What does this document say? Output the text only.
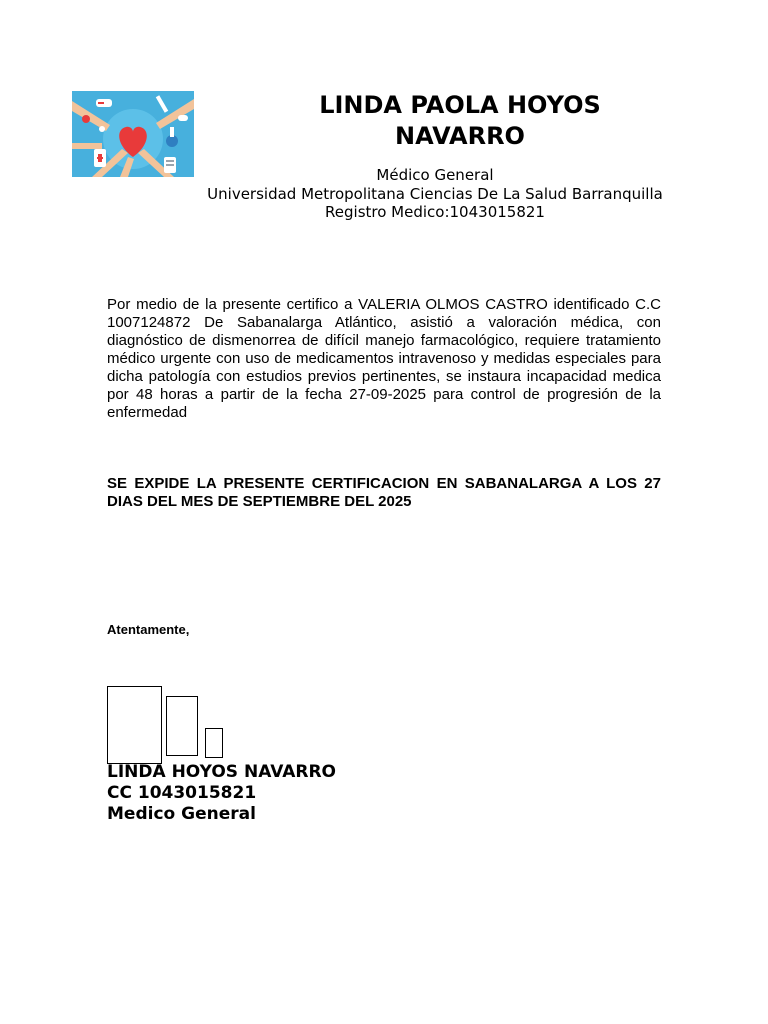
LINDA PAOLA HOYOS
NAVARRO
Médico General
Universidad Metropolitana Ciencias De La Salud Barranquilla
Registro Medico:1043015821

Por medio de la presente certifico a VALERIA OLMOS CASTRO identificado C.C 1007124872 De Sabanalarga Atlántico, asistió a valoración médica, con diagnóstico de dismenorrea de difícil manejo farmacológico, requiere tratamiento médico urgente con uso de medicamentos intravenoso y medidas especiales para dicha patología con estudios previos pertinentes, se instaura incapacidad medica por 48 horas a partir de la fecha 27-09-2025 para control de progresión de la enfermedad

SE EXPIDE LA PRESENTE CERTIFICACION EN SABANALARGA A LOS 27 DIAS DEL MES DE SEPTIEMBRE DEL 2025

Atentamente,
LINDA HOYOS NAVARRO
CC 1043015821
Medico General
